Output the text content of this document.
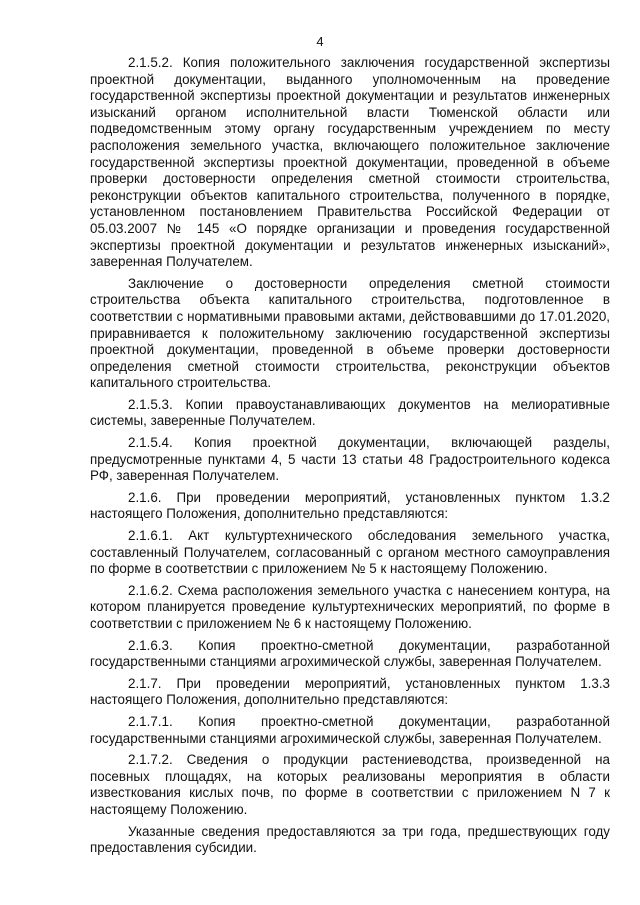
4

2.1.5.2. Копия положительного заключения государственной экспертизы проектной документации, выданного уполномоченным на проведение государственной экспертизы проектной документации и результатов инженерных изысканий органом исполнительной власти Тюменской области или подведомственным этому органу государственным учреждением по месту расположения земельного участка, включающего положительное заключение государственной экспертизы проектной документации, проведенной в объеме проверки достоверности определения сметной стоимости строительства, реконструкции объектов капитального строительства, полученного в порядке, установленном постановлением Правительства Российской Федерации от 05.03.2007 № 145 «О порядке организации и проведения государственной экспертизы проектной документации и результатов инженерных изысканий», заверенная Получателем.

Заключение о достоверности определения сметной стоимости строительства объекта капитального строительства, подготовленное в соответствии с нормативными правовыми актами, действовавшими до 17.01.2020, приравнивается к положительному заключению государственной экспертизы проектной документации, проведенной в объеме проверки достоверности определения сметной стоимости строительства, реконструкции объектов капитального строительства.

2.1.5.3. Копии правоустанавливающих документов на мелиоративные системы, заверенные Получателем.

2.1.5.4. Копия проектной документации, включающей разделы, предусмотренные пунктами 4, 5 части 13 статьи 48 Градостроительного кодекса РФ, заверенная Получателем.

2.1.6. При проведении мероприятий, установленных пунктом 1.3.2 настоящего Положения, дополнительно представляются:

2.1.6.1. Акт культуртехнического обследования земельного участка, составленный Получателем, согласованный с органом местного самоуправления по форме в соответствии с приложением № 5 к настоящему Положению.

2.1.6.2. Схема расположения земельного участка с нанесением контура, на котором планируется проведение культуртехнических мероприятий, по форме в соответствии с приложением № 6 к настоящему Положению.

2.1.6.3. Копия проектно-сметной документации, разработанной государственными станциями агрохимической службы, заверенная Получателем.

2.1.7. При проведении мероприятий, установленных пунктом 1.3.3 настоящего Положения, дополнительно представляются:

2.1.7.1. Копия проектно-сметной документации, разработанной государственными станциями агрохимической службы, заверенная Получателем.

2.1.7.2. Сведения о продукции растениеводства, произведенной на посевных площадях, на которых реализованы мероприятия в области известкования кислых почв, по форме в соответствии с приложением N 7 к настоящему Положению.

Указанные сведения предоставляются за три года, предшествующих году предоставления субсидии.
